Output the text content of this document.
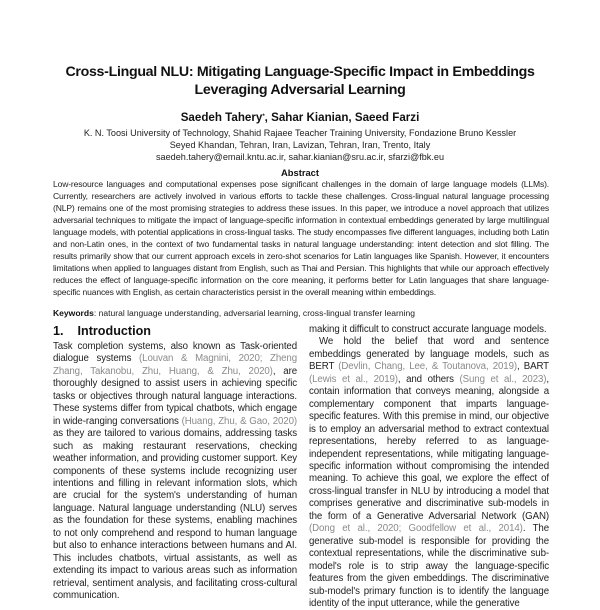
Cross-Lingual NLU: Mitigating Language-Specific Impact in Embeddings
Leveraging Adversarial Learning
Saedeh Tahery*, Sahar Kianian, Saeed Farzi
K. N. Toosi University of Technology, Shahid Rajaee Teacher Training University, Fondazione Bruno Kessler
Seyed Khandan, Tehran, Iran, Lavizan, Tehran, Iran, Trento, Italy
saedeh.tahery@email.kntu.ac.ir, sahar.kianian@sru.ac.ir, sfarzi@fbk.eu
Abstract
Low-resource languages and computational expenses pose significant challenges in the domain of large language models (LLMs). Currently, researchers are actively involved in various efforts to tackle these challenges. Cross-lingual natural language processing (NLP) remains one of the most promising strategies to address these issues. In this paper, we introduce a novel approach that utilizes adversarial techniques to mitigate the impact of language-specific information in contextual embeddings generated by large multilingual language models, with potential applications in cross-lingual tasks. The study encompasses five different languages, including both Latin and non-Latin ones, in the context of two fundamental tasks in natural language understanding: intent detection and slot filling. The results primarily show that our current approach excels in zero-shot scenarios for Latin languages like Spanish. However, it encounters limitations when applied to languages distant from English, such as Thai and Persian. This highlights that while our approach effectively reduces the effect of language-specific information on the core meaning, it performs better for Latin languages that share language-specific nuances with English, as certain characteristics persist in the overall meaning within embeddings.
Keywords: natural language understanding, adversarial learning, cross-lingual transfer learning
1. Introduction

Task completion systems, also known as Task-oriented dialogue systems (Louvan & Magnini, 2020; Zheng Zhang, Takanobu, Zhu, Huang, & Zhu, 2020), are thoroughly designed to assist users in achieving specific tasks or objectives through natural language interactions. These systems differ from typical chatbots, which engage in wide-ranging conversations (Huang, Zhu, & Gao, 2020) as they are tailored to various domains, addressing tasks such as making restaurant reservations, checking weather information, and providing customer support. Key components of these systems include recognizing user intentions and filling in relevant information slots, which are crucial for the system's understanding of human language. Natural language understanding (NLU) serves as the foundation for these systems, enabling machines to not only comprehend and respond to human language but also to enhance interactions between humans and AI. This includes chatbots, virtual assistants, as well as extending its impact to various areas such as information retrieval, sentiment analysis, and facilitating cross-cultural communication.

making it difficult to construct accurate language models.

We hold the belief that word and sentence embeddings generated by language models, such as BERT (Devlin, Chang, Lee, & Toutanova, 2019), BART (Lewis et al., 2019), and others (Sung et al., 2023), contain information that conveys meaning, alongside a complementary component that imparts language-specific features. With this premise in mind, our objective is to employ an adversarial method to extract contextual representations, hereby referred to as language-independent representations, while mitigating language-specific information without compromising the intended meaning. To achieve this goal, we explore the effect of cross-lingual transfer in NLU by introducing a model that comprises generative and discriminative sub-models in the form of a Generative Adversarial Network (GAN) (Dong et al., 2020; Goodfellow et al., 2014). The generative sub-model is responsible for providing the contextual representations, while the discriminative sub-model's role is to strip away the language-specific features from the given embeddings. The discriminative sub-model's primary function is to identify the language identity of the input utterance, while the generative
